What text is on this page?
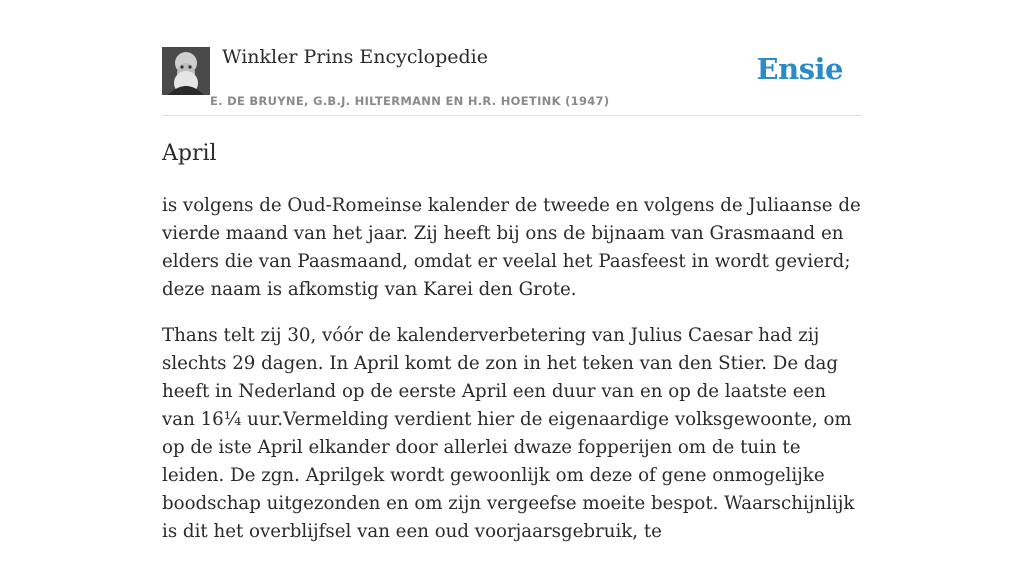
Winkler Prins Encyclopedie
E. DE BRUYNE, G.B.J. HILTERMANN EN H.R. HOETINK (1947)
Ensie
April

is volgens de Oud-Romeinse kalender de tweede en volgens de Juliaanse de vierde maand van het jaar. Zij heeft bij ons de bijnaam van Grasmaand en elders die van Paasmaand, omdat er veelal het Paasfeest in wordt gevierd; deze naam is afkomstig van Karei den Grote.

Thans telt zij 30, vóór de kalenderverbetering van Julius Caesar had zij slechts 29 dagen. In April komt de zon in het teken van den Stier. De dag heeft in Nederland op de eerste April een duur van en op de laatste een van 16¼ uur.Vermelding verdient hier de eigenaardige volksgewoonte, om op de iste April elkander door allerlei dwaze fopperijen om de tuin te leiden. De zgn. Aprilgek wordt gewoonlijk om deze of gene onmogelijke boodschap uitgezonden en om zijn vergeefse moeite bespot. Waarschijnlijk is dit het overblijfsel van een oud voorjaarsgebruik, te
